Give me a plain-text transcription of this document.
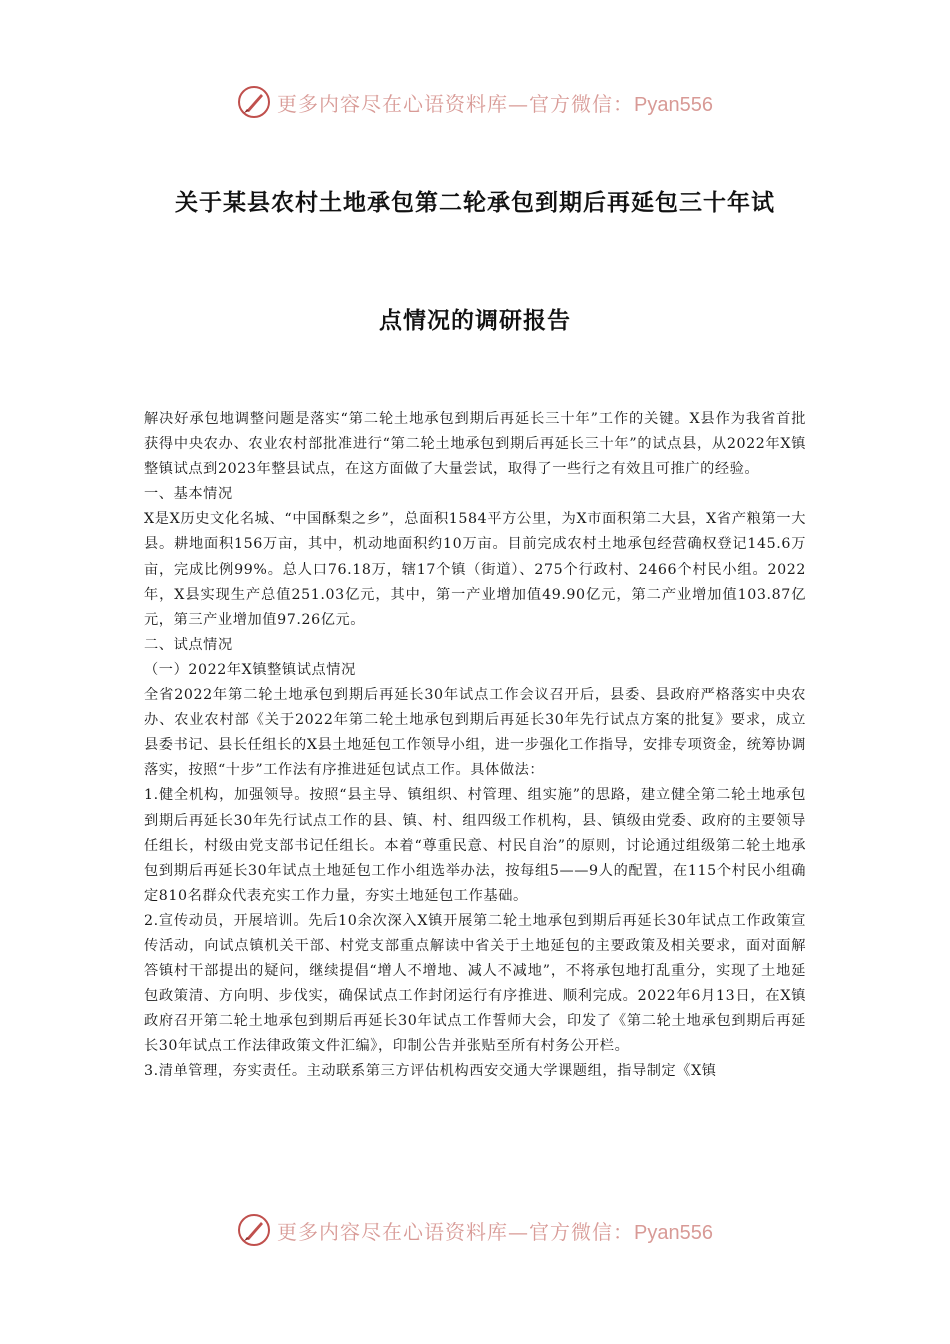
更多内容尽在心语资料库—官方微信：Pyan556
关于某县农村土地承包第二轮承包到期后再延包三十年试
点情况的调研报告

解决好承包地调整问题是落实“第二轮土地承包到期后再延长三十年”工作的关键。X县作为我省首批获得中央农办、农业农村部批准进行“第二轮土地承包到期后再延长三十年”的试点县，从2022年X镇整镇试点到2023年整县试点，在这方面做了大量尝试，取得了一些行之有效且可推广的经验。

一、基本情况

X是X历史文化名城、“中国酥梨之乡”，总面积1584平方公里，为X市面积第二大县，X省产粮第一大县。耕地面积156万亩，其中，机动地面积约10万亩。目前完成农村土地承包经营确权登记145.6万亩，完成比例99%。总人口76.18万，辖17个镇（街道）、275个行政村、2466个村民小组。2022年，X县实现生产总值251.03亿元，其中，第一产业增加值49.90亿元，第二产业增加值103.87亿元，第三产业增加值97.26亿元。

二、试点情况

（一）2022年X镇整镇试点情况

全省2022年第二轮土地承包到期后再延长30年试点工作会议召开后，县委、县政府严格落实中央农办、农业农村部《关于2022年第二轮土地承包到期后再延长30年先行试点方案的批复》要求，成立县委书记、县长任组长的X县土地延包工作领导小组，进一步强化工作指导，安排专项资金，统筹协调落实，按照“十步”工作法有序推进延包试点工作。具体做法：

1.健全机构，加强领导。按照“县主导、镇组织、村管理、组实施”的思路，建立健全第二轮土地承包到期后再延长30年先行试点工作的县、镇、村、组四级工作机构，县、镇级由党委、政府的主要领导任组长，村级由党支部书记任组长。本着“尊重民意、村民自治”的原则，讨论通过组级第二轮土地承包到期后再延长30年试点土地延包工作小组选举办法，按每组5——9人的配置，在115个村民小组确定810名群众代表充实工作力量，夯实土地延包工作基础。

2.宣传动员，开展培训。先后10余次深入X镇开展第二轮土地承包到期后再延长30年试点工作政策宣传活动，向试点镇机关干部、村党支部重点解读中省关于土地延包的主要政策及相关要求，面对面解答镇村干部提出的疑问，继续提倡“增人不增地、减人不减地”，不将承包地打乱重分，实现了土地延包政策清、方向明、步伐实，确保试点工作封闭运行有序推进、顺利完成。2022年6月13日，在X镇政府召开第二轮土地承包到期后再延长30年试点工作誓师大会，印发了《第二轮土地承包到期后再延长30年试点工作法律政策文件汇编》，印制公告并张贴至所有村务公开栏。

3.清单管理，夯实责任。主动联系第三方评估机构西安交通大学课题组，指导制定《X镇

更多内容尽在心语资料库—官方微信：Pyan556
